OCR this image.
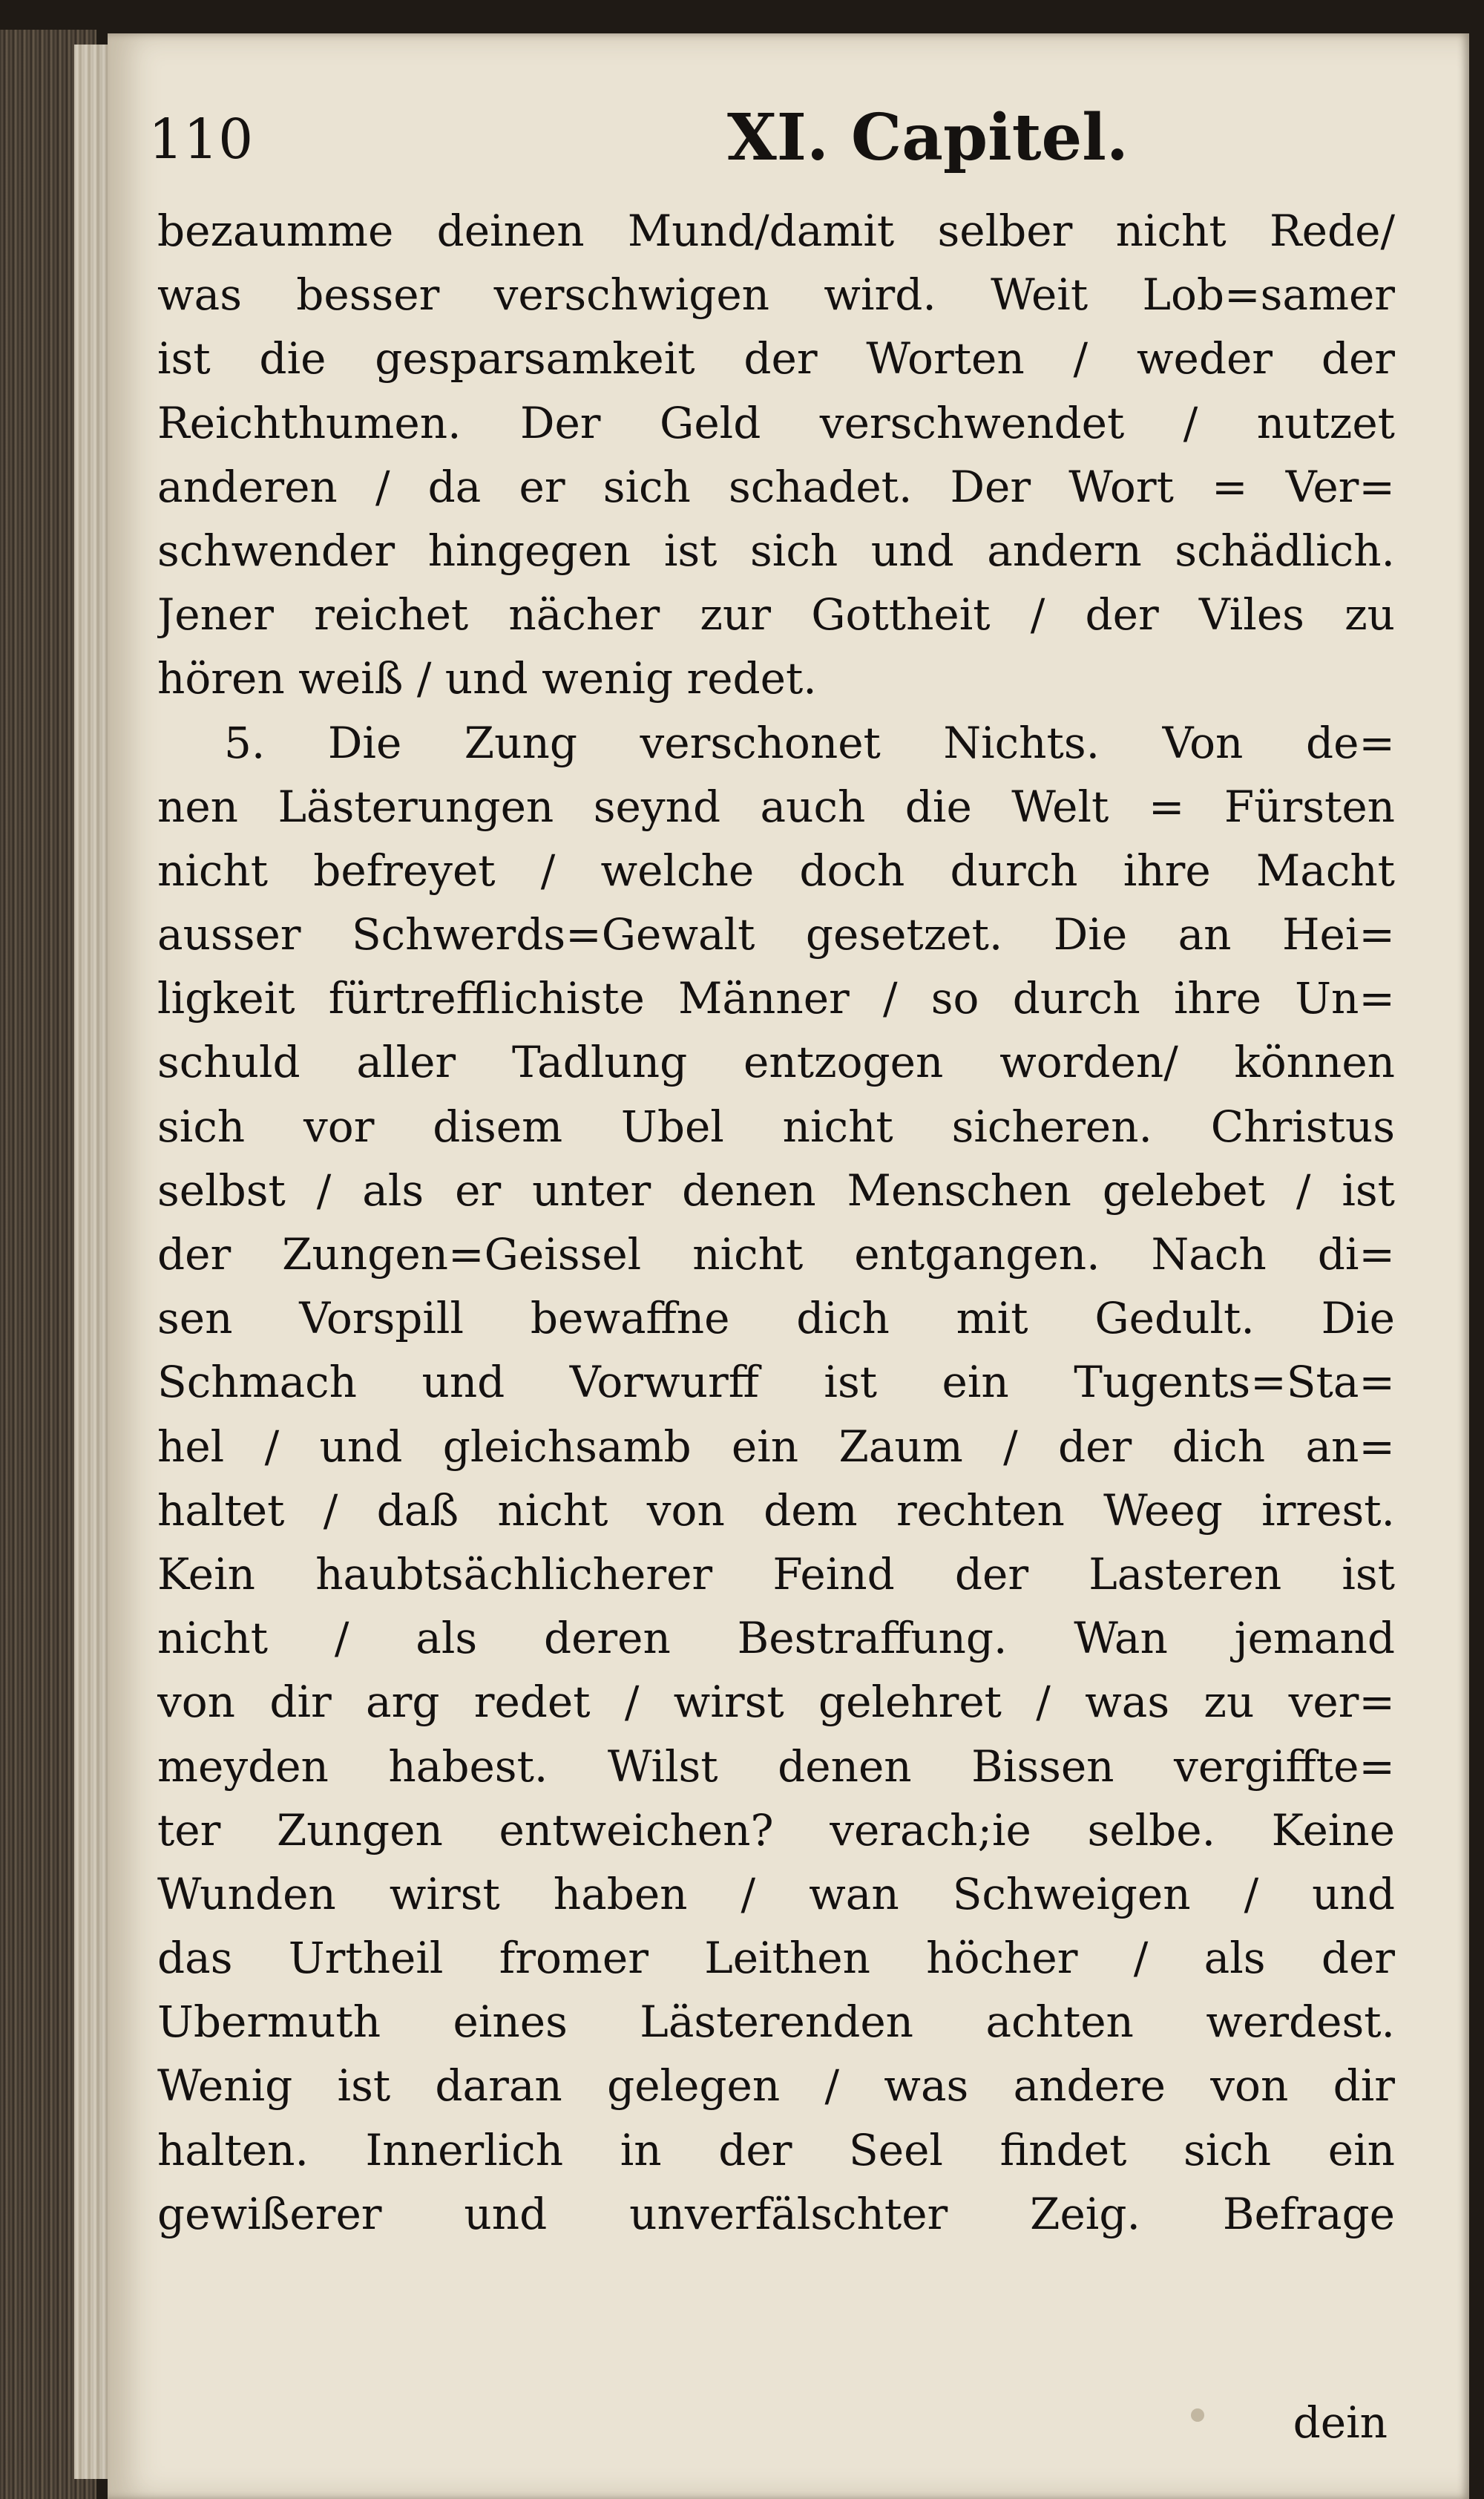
110	XI. Capitel.
bezaumme deinen Mund/damit selber nicht Rede/
was besser verschwigen wird. Weit Lob=samer
ist die gesparsamkeit der Worten / weder der
Reichthumen. Der Geld verschwendet / nutzet
anderen / da er sich schadet. Der Wort = Ver=
schwender hingegen ist sich und andern schädlich.
Jener reichet nächer zur Gottheit / der Viles zu
hören weiß / und wenig redet.
5. Die Zung verschonet Nichts. Von de=
nen Lästerungen seynd auch die Welt = Fürsten
nicht befreyet / welche doch durch ihre Macht
ausser Schwerds=Gewalt gesetzet. Die an Hei=
ligkeit fürtrefflichiste Männer / so durch ihre Un=
schuld aller Tadlung entzogen worden/ können
sich vor disem Ubel nicht sicheren. Christus
selbst / als er unter denen Menschen gelebet / ist
der Zungen=Geissel nicht entgangen. Nach di=
sen Vorspill bewaffne dich mit Gedult. Die
Schmach und Vorwurff ist ein Tugents=Sta=
hel / und gleichsamb ein Zaum / der dich an=
haltet / daß nicht von dem rechten Weeg irrest.
Kein haubtsächlicherer Feind der Lasteren ist
nicht / als deren Bestraffung. Wan jemand
von dir arg redet / wirst gelehret / was zu ver=
meyden habest. Wilst denen Bissen vergiffte=
ter Zungen entweichen? verach;ie selbe. Keine
Wunden wirst haben / wan Schweigen / und
das Urtheil fromer Leithen höcher / als der
Ubermuth eines Lästerenden achten werdest.
Wenig ist daran gelegen / was andere von dir
halten. Innerlich in der Seel findet sich ein
gewißerer und unverfälschter Zeig. Befrage
dein
